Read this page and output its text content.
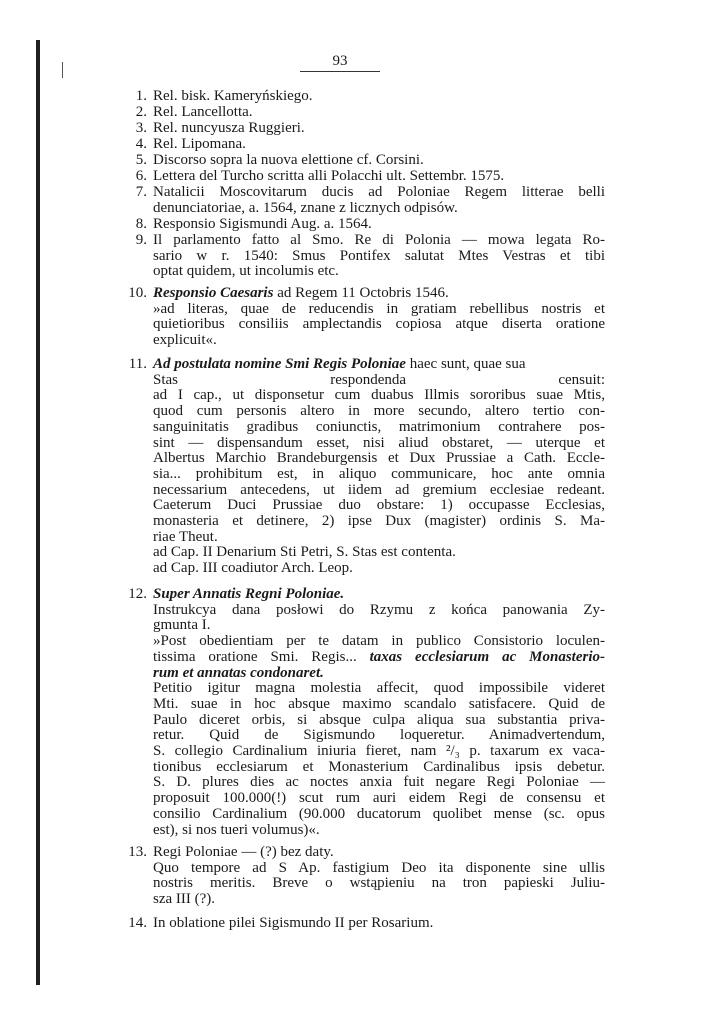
93
1. Rel. bisk. Kameryńskiego.
2. Rel. Lancellotta.
3. Rel. nuncyusza Ruggieri.
4. Rel. Lipomana.
5. Discorso sopra la nuova elettione cf. Corsini.
6. Lettera del Turcho scritta alli Polacchi ult. Settembr. 1575.
7. Natalicii Moscovitarum ducis ad Poloniae Regem litterae belli
denunciatoriae, a. 1564, znane z licznych odpisów.
8. Responsio Sigismundi Aug. a. 1564.
9. Il parlamento fatto al Smo. Re di Polonia — mowa legata Ro-
sario w r. 1540: Smus Pontifex salutat Mtes Vestras et tibi
optat quidem, ut incolumis etc.
10. Responsio Caesaris ad Regem 11 Octobris 1546.
»ad literas, quae de reducendis in gratiam rebellibus nostris et
quietioribus consiliis amplectandis copiosa atque diserta oratione
explicuit«.
11. Ad postulata nomine Smi Regis Poloniae haec sunt, quae sua
Stas respondenda censuit:
ad I cap., ut disponsetur cum duabus Illmis sororibus suae Mtis,
quod cum personis altero in more secundo, altero tertio con-
sanguinitatis gradibus coniunctis, matrimonium contrahere pos-
sint — dispensandum esset, nisi aliud obstaret, — uterque et
Albertus Marchio Brandeburgensis et Dux Prussiae a Cath. Eccle-
sia... prohibitum est, in aliquo communicare, hoc ante omnia
necessarium antecedens, ut iidem ad gremium ecclesiae redeant.
Caeterum Duci Prussiae duo obstare: 1) occupasse Ecclesias,
monasteria et detinere, 2) ipse Dux (magister) ordinis S. Ma-
riae Theut.
ad Cap. II Denarium Sti Petri, S. Stas est contenta.
ad Cap. III coadiutor Arch. Leop.
12. Super Annatis Regni Poloniae.
Instrukcya dana posłowi do Rzymu z końca panowania Zy-
gmunta I.
»Post obedientiam per te datam in publico Consistorio loculen-
tissima oratione Smi. Regis... taxas ecclesiarum ac Monasterio-
rum et annatas condonaret.
Petitio igitur magna molestia affecit, quod impossibile videret
Mti. suae in hoc absque maximo scandalo satisfacere. Quid de
Paulo diceret orbis, si absque culpa aliqua sua substantia priva-
retur. Quid de Sigismundo loqueretur. Animadvertendum,
S. collegio Cardinalium iniuria fieret, nam ²/₃ p. taxarum ex vaca-
tionibus ecclesiarum et Monasterium Cardinalibus ipsis debetur.
S. D. plures dies ac noctes anxia fuit negare Regi Poloniae —
proposuit 100.000(!) scut rum auri eidem Regi de consensu et
consilio Cardinalium (90.000 ducatorum quolibet mense (sc. opus
est), si nos tueri volumus)«.
13. Regi Poloniae — (?) bez daty.
Quo tempore ad S Ap. fastigium Deo ita disponente sine ullis
nostris meritis. Breve o wstąpieniu na tron papieski Juliu-
sza III (?).
14. In oblatione pilei Sigismundo II per Rosarium.
